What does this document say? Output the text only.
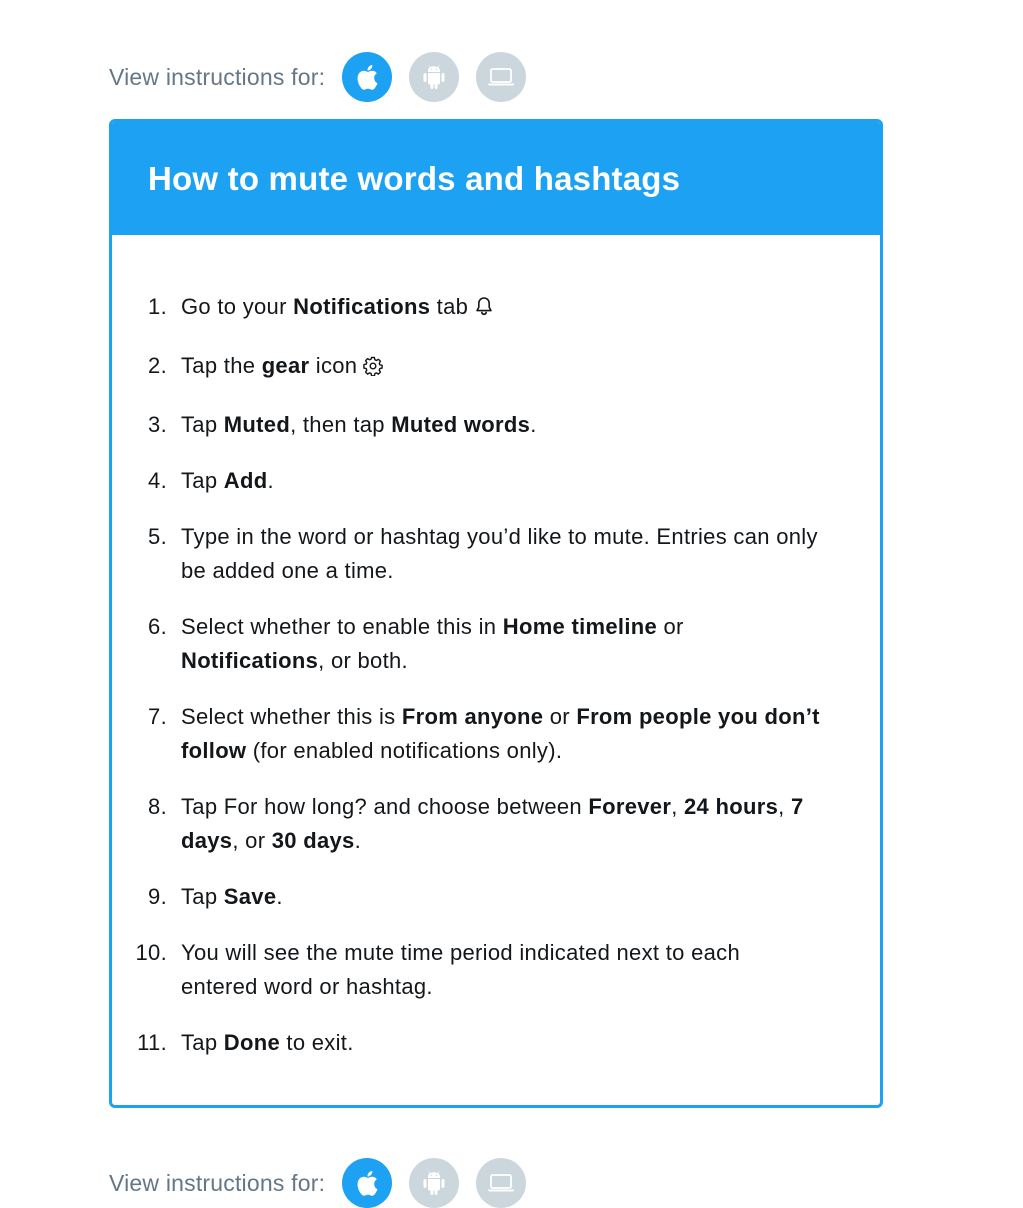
View instructions for:
How to mute words and hashtags
1. Go to your Notifications tab
2. Tap the gear icon
3. Tap Muted, then tap Muted words.
4. Tap Add.
5. Type in the word or hashtag you’d like to mute. Entries can only be added one a time.
6. Select whether to enable this in Home timeline or Notifications, or both.
7. Select whether this is From anyone or From people you don’t follow (for enabled notifications only).
8. Tap For how long? and choose between Forever, 24 hours, 7 days, or 30 days.
9. Tap Save.
10. You will see the mute time period indicated next to each entered word or hashtag.
11. Tap Done to exit.
View instructions for:
